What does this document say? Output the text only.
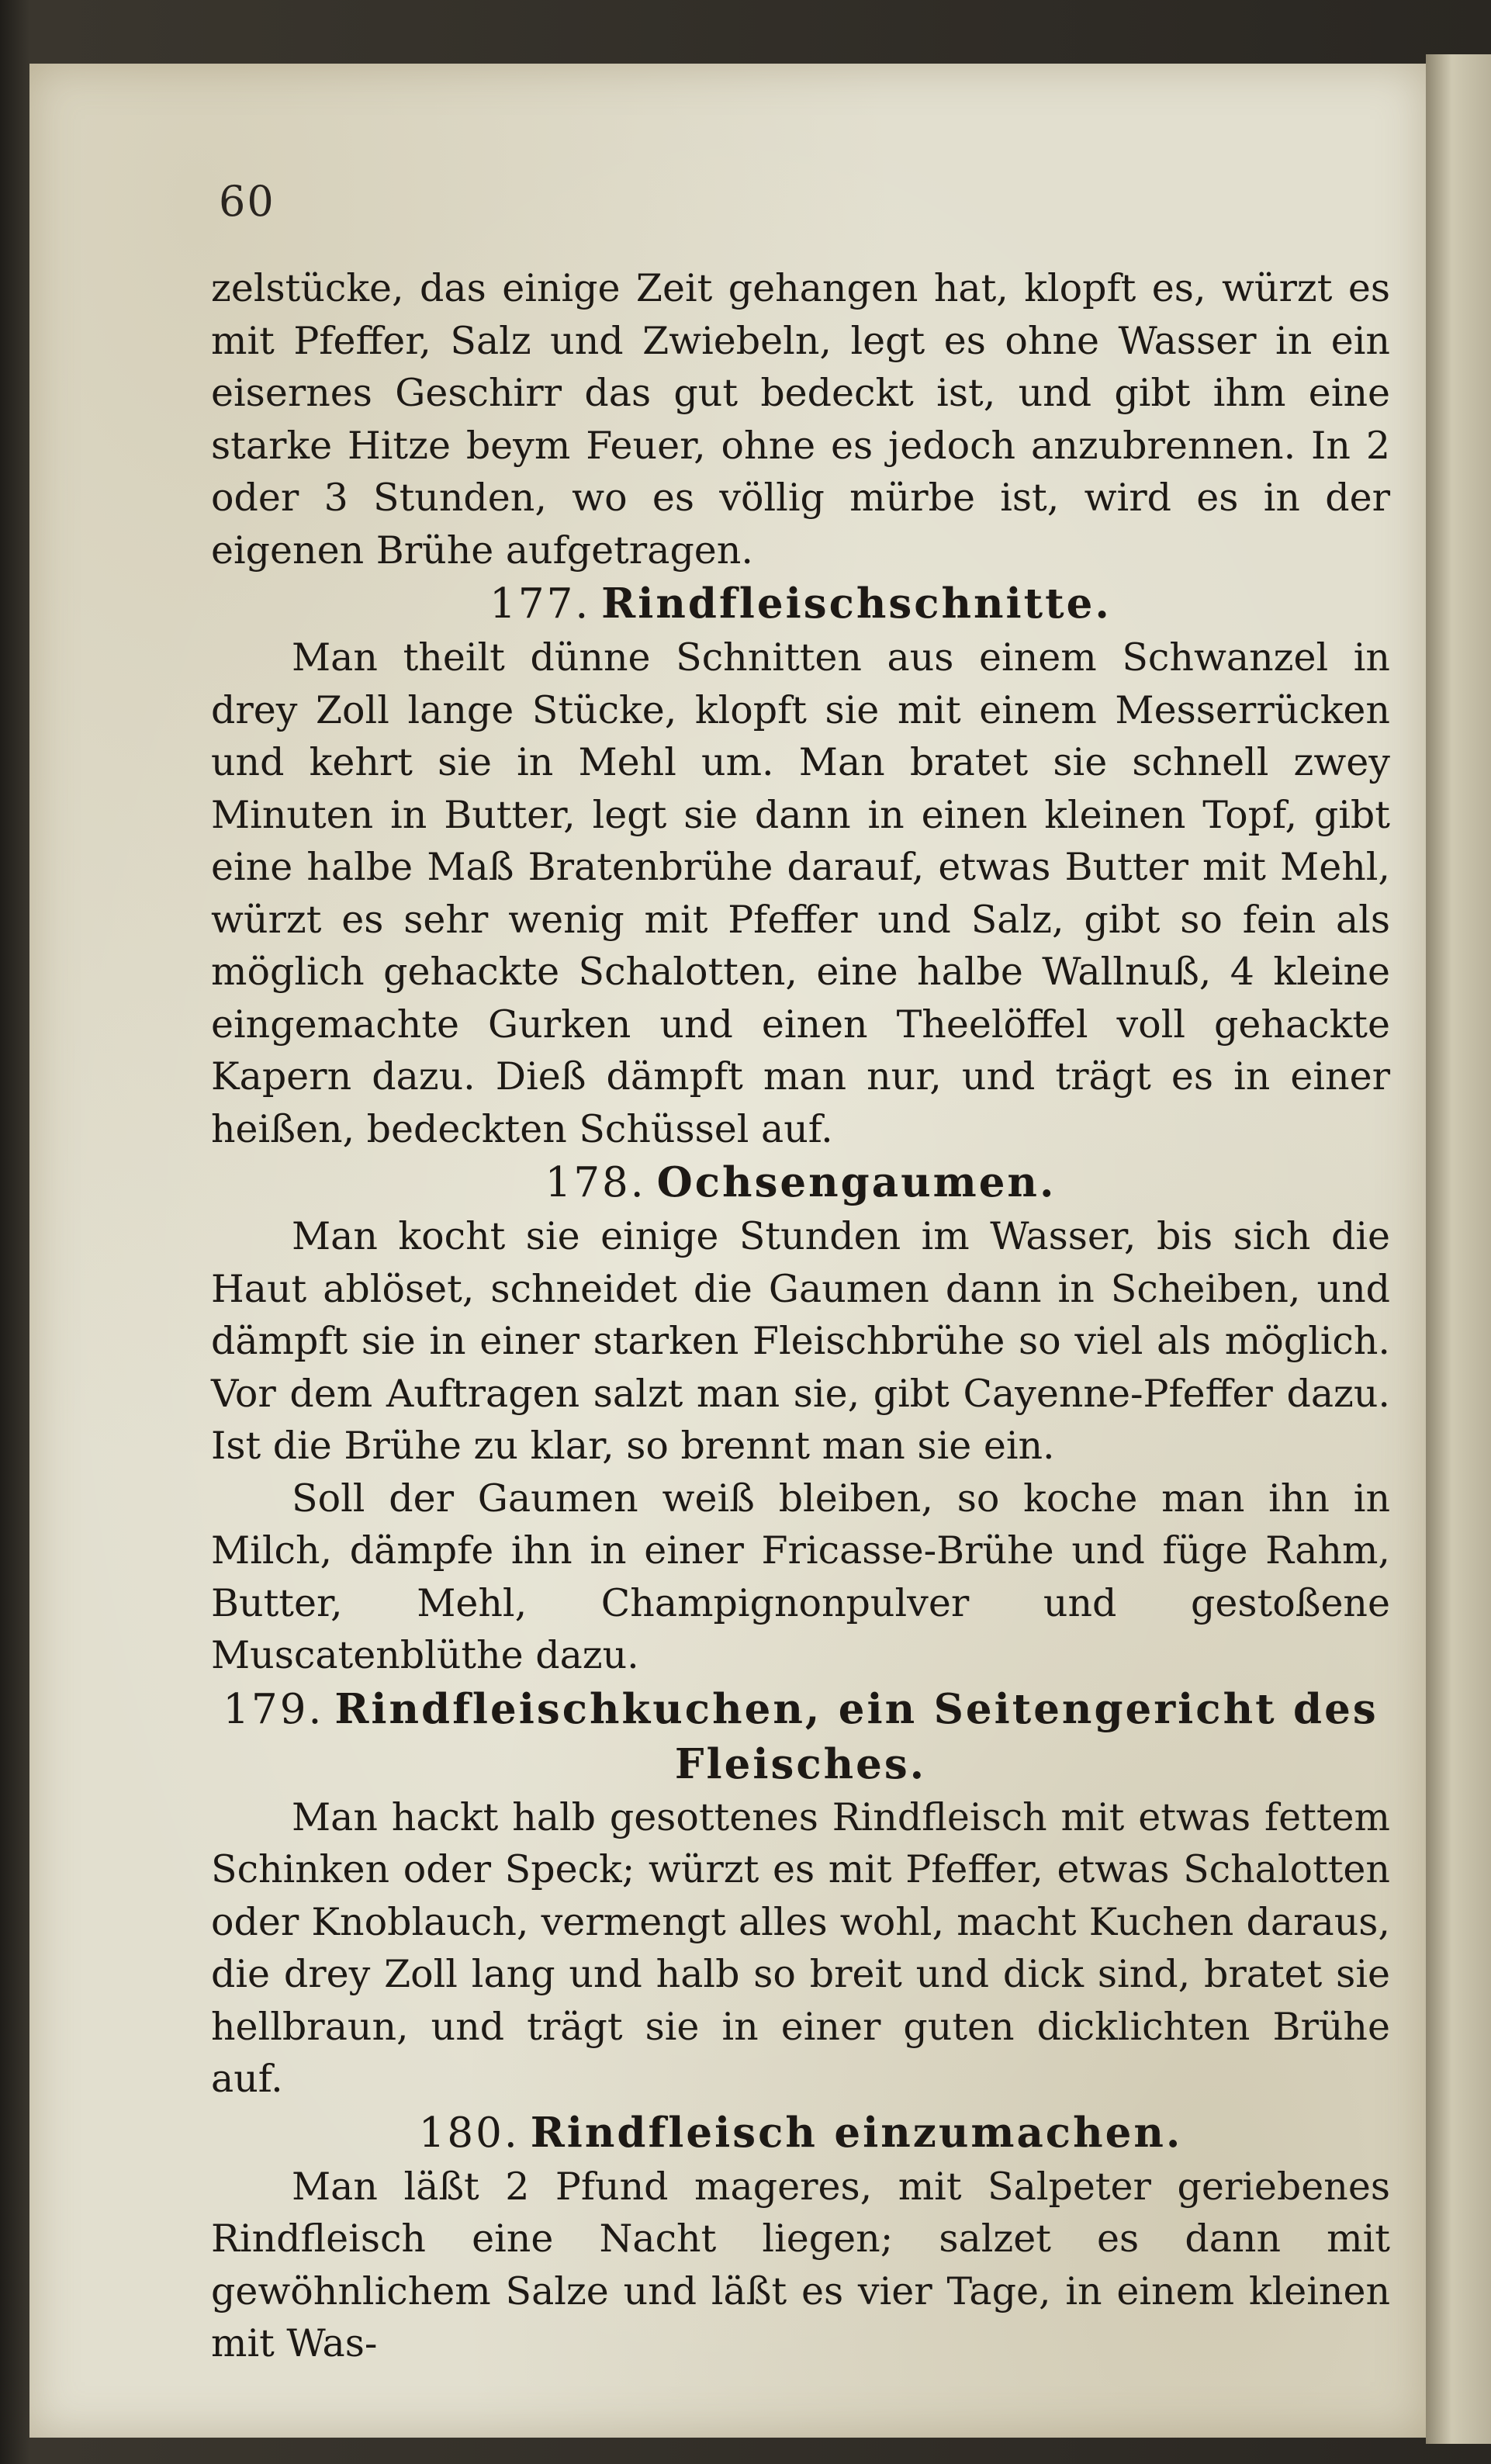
60

zelstücke, das einige Zeit gehangen hat, klopft es, würzt es mit Pfeffer, Salz und Zwiebeln, legt es ohne Wasser in ein eisernes Geschirr das gut bedeckt ist, und gibt ihm eine starke Hitze beym Feuer, ohne es jedoch anzubrennen. In 2 oder 3 Stunden, wo es völlig mürbe ist, wird es in der eigenen Brühe aufgetragen.

177. Rindfleischschnitte.

Man theilt dünne Schnitten aus einem Schwanzel in drey Zoll lange Stücke, klopft sie mit einem Messerrücken und kehrt sie in Mehl um. Man bratet sie schnell zwey Minuten in Butter, legt sie dann in einen kleinen Topf, gibt eine halbe Maß Bratenbrühe darauf, etwas Butter mit Mehl, würzt es sehr wenig mit Pfeffer und Salz, gibt so fein als möglich gehackte Schalotten, eine halbe Wallnuß, 4 kleine eingemachte Gurken und einen Theelöffel voll gehackte Kapern dazu. Dieß dämpft man nur, und trägt es in einer heißen, bedeckten Schüssel auf.

178. Ochsengaumen.

Man kocht sie einige Stunden im Wasser, bis sich die Haut ablöset, schneidet die Gaumen dann in Scheiben, und dämpft sie in einer starken Fleischbrühe so viel als möglich. Vor dem Auftragen salzt man sie, gibt Cayenne-Pfeffer dazu. Ist die Brühe zu klar, so brennt man sie ein.

Soll der Gaumen weiß bleiben, so koche man ihn in Milch, dämpfe ihn in einer Fricasse-Brühe und füge Rahm, Butter, Mehl, Champignonpulver und gestoßene Muscatenblüthe dazu.

179. Rindfleischkuchen, ein Seitengericht des Fleisches.

Man hackt halb gesottenes Rindfleisch mit etwas fettem Schinken oder Speck; würzt es mit Pfeffer, etwas Schalotten oder Knoblauch, vermengt alles wohl, macht Kuchen daraus, die drey Zoll lang und halb so breit und dick sind, bratet sie hellbraun, und trägt sie in einer guten dicklichten Brühe auf.

180. Rindfleisch einzumachen.

Man läßt 2 Pfund mageres, mit Salpeter geriebenes Rindfleisch eine Nacht liegen; salzet es dann mit gewöhnlichem Salze und läßt es vier Tage, in einem kleinen mit Was-
